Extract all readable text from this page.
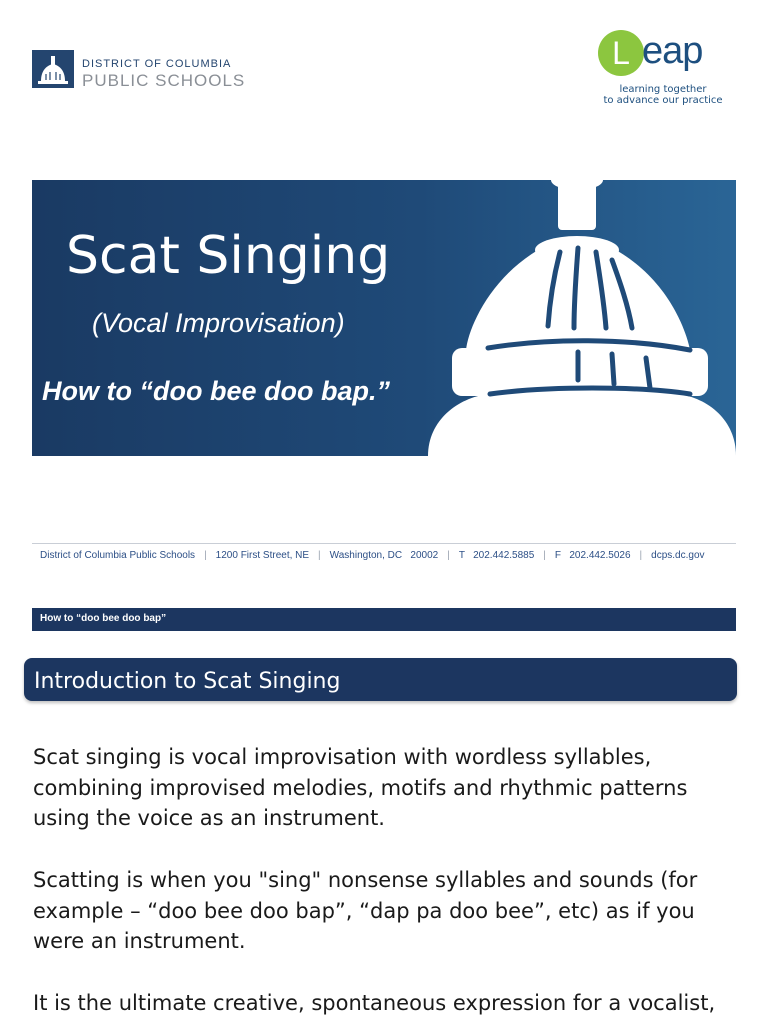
DISTRICT OF COLUMBIA
PUBLIC SCHOOLS
L eap
learning together
to advance our practice
Scat Singing
(Vocal Improvisation)
How to “doo bee doo bap.”
District of Columbia Public Schools | 1200 First Street, NE | Washington, DC   20002 | T   202.442.5885 | F   202.442.5026 | dcps.dc.gov
How to “doo bee doo bap”
Introduction to Scat Singing

Scat singing is vocal improvisation with wordless syllables, combining improvised melodies, motifs and rhythmic patterns using the voice as an instrument.

Scatting is when you "sing" nonsense syllables and sounds (for example – “doo bee doo bap”, “dap pa doo bee”, etc) as if you were an instrument.

It is the ultimate creative, spontaneous expression for a vocalist,
